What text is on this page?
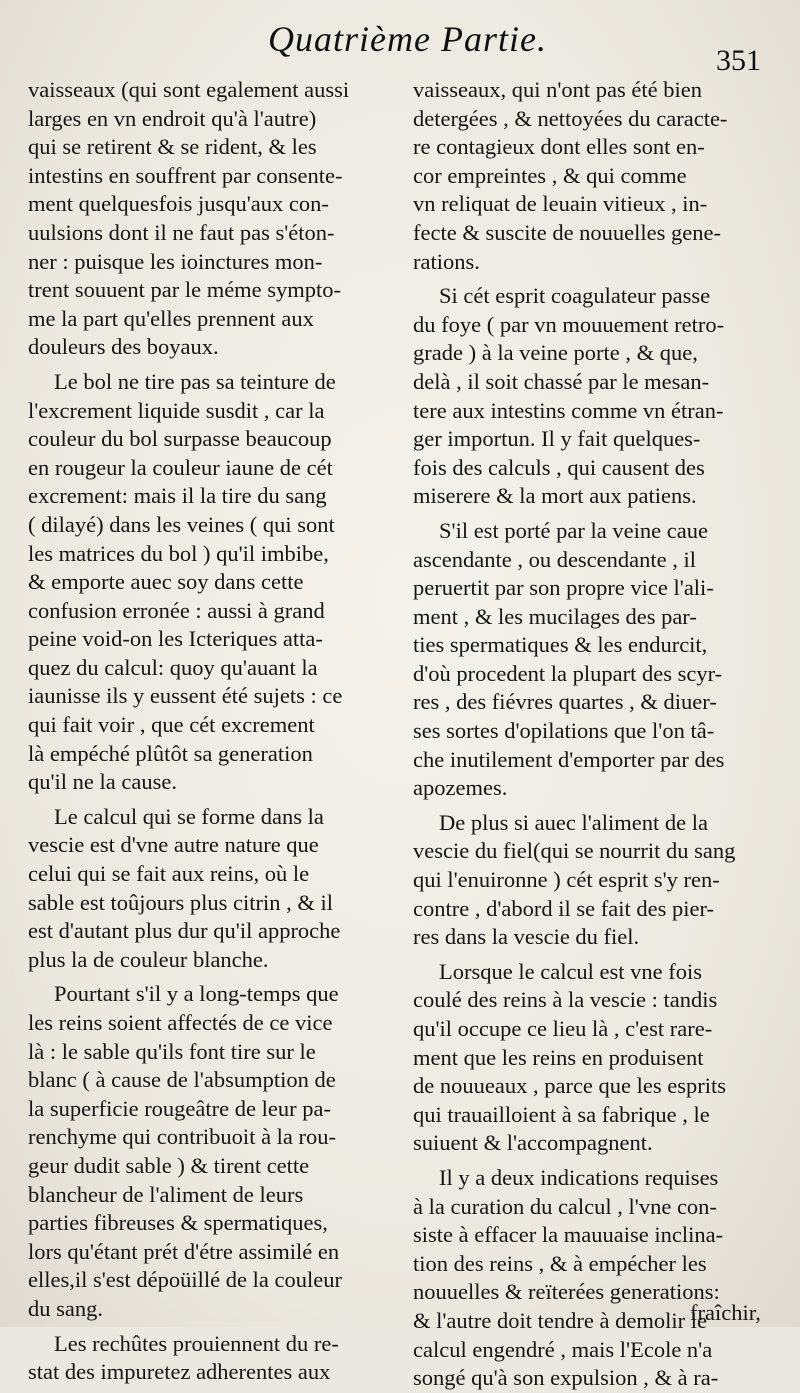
Quatrième Partie.
351
vaisseaux (qui sont egalement aussi
larges en vn endroit qu'à l'autre)
qui se retirent & se rident, & les
intestins en souffrent par consente-
ment quelquesfois jusqu'aux con-
uulsions dont il ne faut pas s'éton-
ner : puisque les ioinctures mon-
trent souuent par le méme sympto-
me la part qu'elles prennent aux
douleurs des boyaux.
Le bol ne tire pas sa teinture de
l'excrement liquide susdit , car la
couleur du bol surpasse beaucoup
en rougeur la couleur iaune de cét
excrement: mais il la tire du sang
( dilayé) dans les veines ( qui sont
les matrices du bol ) qu'il imbibe,
& emporte auec soy dans cette
confusion erronée : aussi à grand
peine void-on les Icteriques atta-
quez du calcul: quoy qu'auant la
iaunisse ils y eussent été sujets : ce
qui fait voir , que cét excrement
là empéché plûtôt sa generation
qu'il ne la cause.
Le calcul qui se forme dans la
vescie est d'vne autre nature que
celui qui se fait aux reins, où le
sable est toûjours plus citrin , & il
est d'autant plus dur qu'il approche
plus la de couleur blanche.
Pourtant s'il y a long-temps que
les reins soient affectés de ce vice
là : le sable qu'ils font tire sur le
blanc ( à cause de l'absumption de
la superficie rougeâtre de leur pa-
renchyme qui contribuoit à la rou-
geur dudit sable ) & tirent cette
blancheur de l'aliment de leurs
parties fibreuses & spermatiques,
lors qu'étant prét d'étre assimilé en
elles,il s'est dépoüillé de la couleur
du sang.
Les rechûtes prouiennent du re-
stat des impuretez adherentes aux
vaisseaux, qui n'ont pas été bien
detergées , & nettoyées du caracte-
re contagieux dont elles sont en-
cor empreintes , & qui comme
vn reliquat de leuain vitieux , in-
fecte & suscite de nouuelles gene-
rations.
Si cét esprit coagulateur passe
du foye ( par vn mouuement retro-
grade ) à la veine porte , & que,
delà , il soit chassé par le mesan-
tere aux intestins comme vn étran-
ger importun. Il y fait quelques-
fois des calculs , qui causent des
miserere & la mort aux patiens.
S'il est porté par la veine caue
ascendante , ou descendante , il
peruertit par son propre vice l'ali-
ment , & les mucilages des par-
ties spermatiques & les endurcit,
d'où procedent la plupart des scyr-
res , des fiévres quartes , & diuer-
ses sortes d'opilations que l'on tâ-
che inutilement d'emporter par des
apozemes.
De plus si auec l'aliment de la
vescie du fiel(qui se nourrit du sang
qui l'enuironne ) cét esprit s'y ren-
contre , d'abord il se fait des pier-
res dans la vescie du fiel.
Lorsque le calcul est vne fois
coulé des reins à la vescie : tandis
qu'il occupe ce lieu là , c'est rare-
ment que les reins en produisent
de nouueaux , parce que les esprits
qui trauailloient à sa fabrique , le
suiuent & l'accompagnent.
Il y a deux indications requises
à la curation du calcul , l'vne con-
siste à effacer la mauuaise inclina-
tion des reins , & à empécher les
nouuelles & reïterées generations:
& l'autre doit tendre à demolir le
calcul engendré , mais l'Ecole n'a
songé qu'à son expulsion , & à ra-
fraîchir,
